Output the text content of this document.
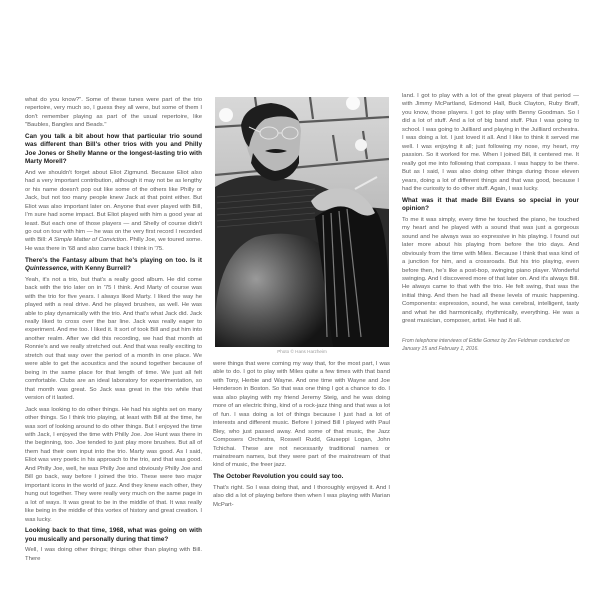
what do you know?". Some of these tunes were part of the trio repertoire, very much so, I guess they all were, but some of them I don't remember playing as part of the usual repertoire, like "Baubles, Bangles and Beads."

Can you talk a bit about how that particular trio sound was different than Bill's other trios with you and Philly Joe Jones or Shelly Manne or the longest-lasting trio with Marty Morell?

And we shouldn't forget about Eliot Zigmund. Because Eliot also had a very important contribution, although it may not be as lengthy or his name doesn't pop out like some of the others like Philly or Jack, but not too many people knew Jack at that point either. But Eliot was also important later on. Anyone that ever played with Bill, I'm sure had some impact. But Eliot played with him a good year at least. But each one of those players — and Shelly of course didn't go out on tour with him — he was on the very first record I recorded with Bill: A Simple Matter of Conviction. Philly Joe, we toured some. He was there in '68 and also came back I think in '75.

There's the Fantasy album that he's playing on too. Is it Quintessence, with Kenny Burrell?

Yeah, it's not a trio, but that's a really good album. He did come back with the trio later on in '75 I think. And Marty of course was with the trio for five years. I always liked Marty. I liked the way he played with a real drive. And he played brushes, as well. He was able to play dynamically with the trio. And that's what Jack did. Jack really liked to cross over the bar line. Jack was really eager to experiment. And me too. I liked it. It sort of took Bill and put him into another realm. After we did this recording, we had that month at Ronnie's and we really stretched out. And that was really exciting to stretch out that way over the period of a month in one place. We were able to get the acoustics and the sound together because of being in the same place for that length of time. We just all felt comfortable. Clubs are an ideal laboratory for experimentation, so that month was great. So Jack was great in the trio while that version of it lasted.

Jack was looking to do other things. He had his sights set on many other things. So I think trio playing, at least with Bill at the time, he was sort of looking around to do other things. But I enjoyed the time with Jack, I enjoyed the time with Philly Joe. Joe Hunt was there in the beginning, too. Joe tended to just play more brushes. But all of them had their own input into the trio. Marty was good. As I said, Eliot was very poetic in his approach to the trio, and that was good. And Philly Joe, well, he was Philly Joe and obviously Philly Joe and Bill go back, way before I joined the trio. These were two major important icons in the world of jazz. And they knew each other, they hung out together. They were really very much on the same page in a lot of ways. It was great to be in the middle of that. It was really like being in the middle of this vortex of history and great creation. I was lucky.

Looking back to that time, 1968, what was going on with you musically and personally during that time?

Well, I was doing other things; things other than playing with Bill. There

Photo © Hans Harzheim

were things that were coming my way that, for the most part, I was able to do. I got to play with Miles quite a few times with that band with Tony, Herbie and Wayne. And one time with Wayne and Joe Henderson in Boston. So that was one thing I got a chance to do. I was also playing with my friend Jeremy Steig, and he was doing more of an electric thing, kind of a rock-jazz thing and that was a lot of fun. I was doing a lot of things because I just had a lot of interests and different music. Before I joined Bill I played with Paul Bley, who just passed away. And some of that music, the Jazz Composers Orchestra, Roswell Rudd, Giuseppi Logan, John Tchichai. These are not necessarily traditional names or mainstream names, but they were part of the mainstream of that kind of music, the freer jazz.

The October Revolution you could say too.

That's right. So I was doing that, and I thoroughly enjoyed it. And I also did a lot of playing before then when I was playing with Marian McPart-

land. I got to play with a lot of the great players of that period — with Jimmy McPartland, Edmond Hall, Buck Clayton, Ruby Braff, you know, those players. I got to play with Benny Goodman. So I did a lot of stuff. And a lot of big band stuff. Plus I was going to school. I was going to Juilliard and playing in the Juilliard orchestra. I was doing a lot. I just loved it all. And I like to think it served me well. I was enjoying it all; just following my nose, my heart, my passion. So it worked for me. When I joined Bill, it centered me. It really got me into following that compass. I was happy to be there. But as I said, I was also doing other things during those eleven years, doing a lot of different things and that was good, because I had the curiosity to do other stuff. Again, I was lucky.

What was it that made Bill Evans so special in your opinion?

To me it was simply, every time he touched the piano, he touched my heart and he played with a sound that was just a gorgeous sound and he always was so expressive in his playing. I found out later more about his playing from before the trio days. And obviously from the time with Miles. Because I think that was kind of a junction for him, and a crossroads. But his trio playing, even before then, he's like a post-bop, swinging piano player. Wonderful swinging. And I discovered more of that later on. And it's always Bill. He always came to that with the trio. He felt swing, that was the initial thing. And then he had all these levels of music happening. Components: expression, sound, he was cerebral, intelligent, tasty and what he did harmonically, rhythmically, everything. He was a great musician, composer, artist. He had it all.

From telephone interviews of Eddie Gomez by Zev Feldman conducted on January 15 and February 1, 2016.
